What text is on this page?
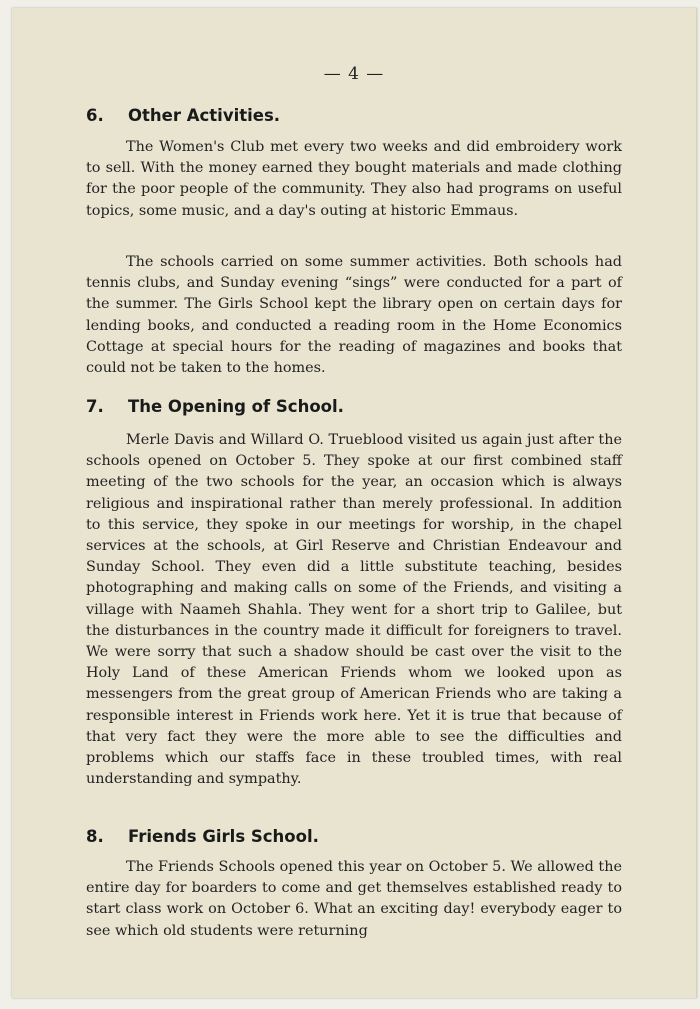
— 4 —
6.	Other Activities.

The Women's Club met every two weeks and did embroidery work to sell. With the money earned they bought materials and made clothing for the poor people of the community. They also had programs on useful topics, some music, and a day's outing at historic Emmaus.

The schools carried on some summer activities. Both schools had tennis clubs, and Sunday evening “sings” were conducted for a part of the summer. The Girls School kept the library open on certain days for lending books, and conducted a reading room in the Home Economics Cottage at special hours for the reading of magazines and books that could not be taken to the homes.

7.	The Opening of School.

Merle Davis and Willard O. Trueblood visited us again just after the schools opened on October 5. They spoke at our first combined staff meeting of the two schools for the year, an occasion which is always religious and inspirational rather than merely professional. In addition to this service, they spoke in our meetings for worship, in the chapel services at the schools, at Girl Reserve and Christian Endeavour and Sunday School. They even did a little substitute teaching, besides photographing and making calls on some of the Friends, and visiting a village with Naameh Shahla. They went for a short trip to Galilee, but the disturbances in the country made it difficult for foreigners to travel. We were sorry that such a shadow should be cast over the visit to the Holy Land of these American Friends whom we looked upon as messengers from the great group of American Friends who are taking a responsible interest in Friends work here. Yet it is true that because of that very fact they were the more able to see the difficulties and problems which our staffs face in these troubled times, with real understanding and sympathy.

8.	Friends Girls School.

The Friends Schools opened this year on October 5. We allowed the entire day for boarders to come and get themselves established ready to start class work on October 6. What an exciting day! everybody eager to see which old students were returning
